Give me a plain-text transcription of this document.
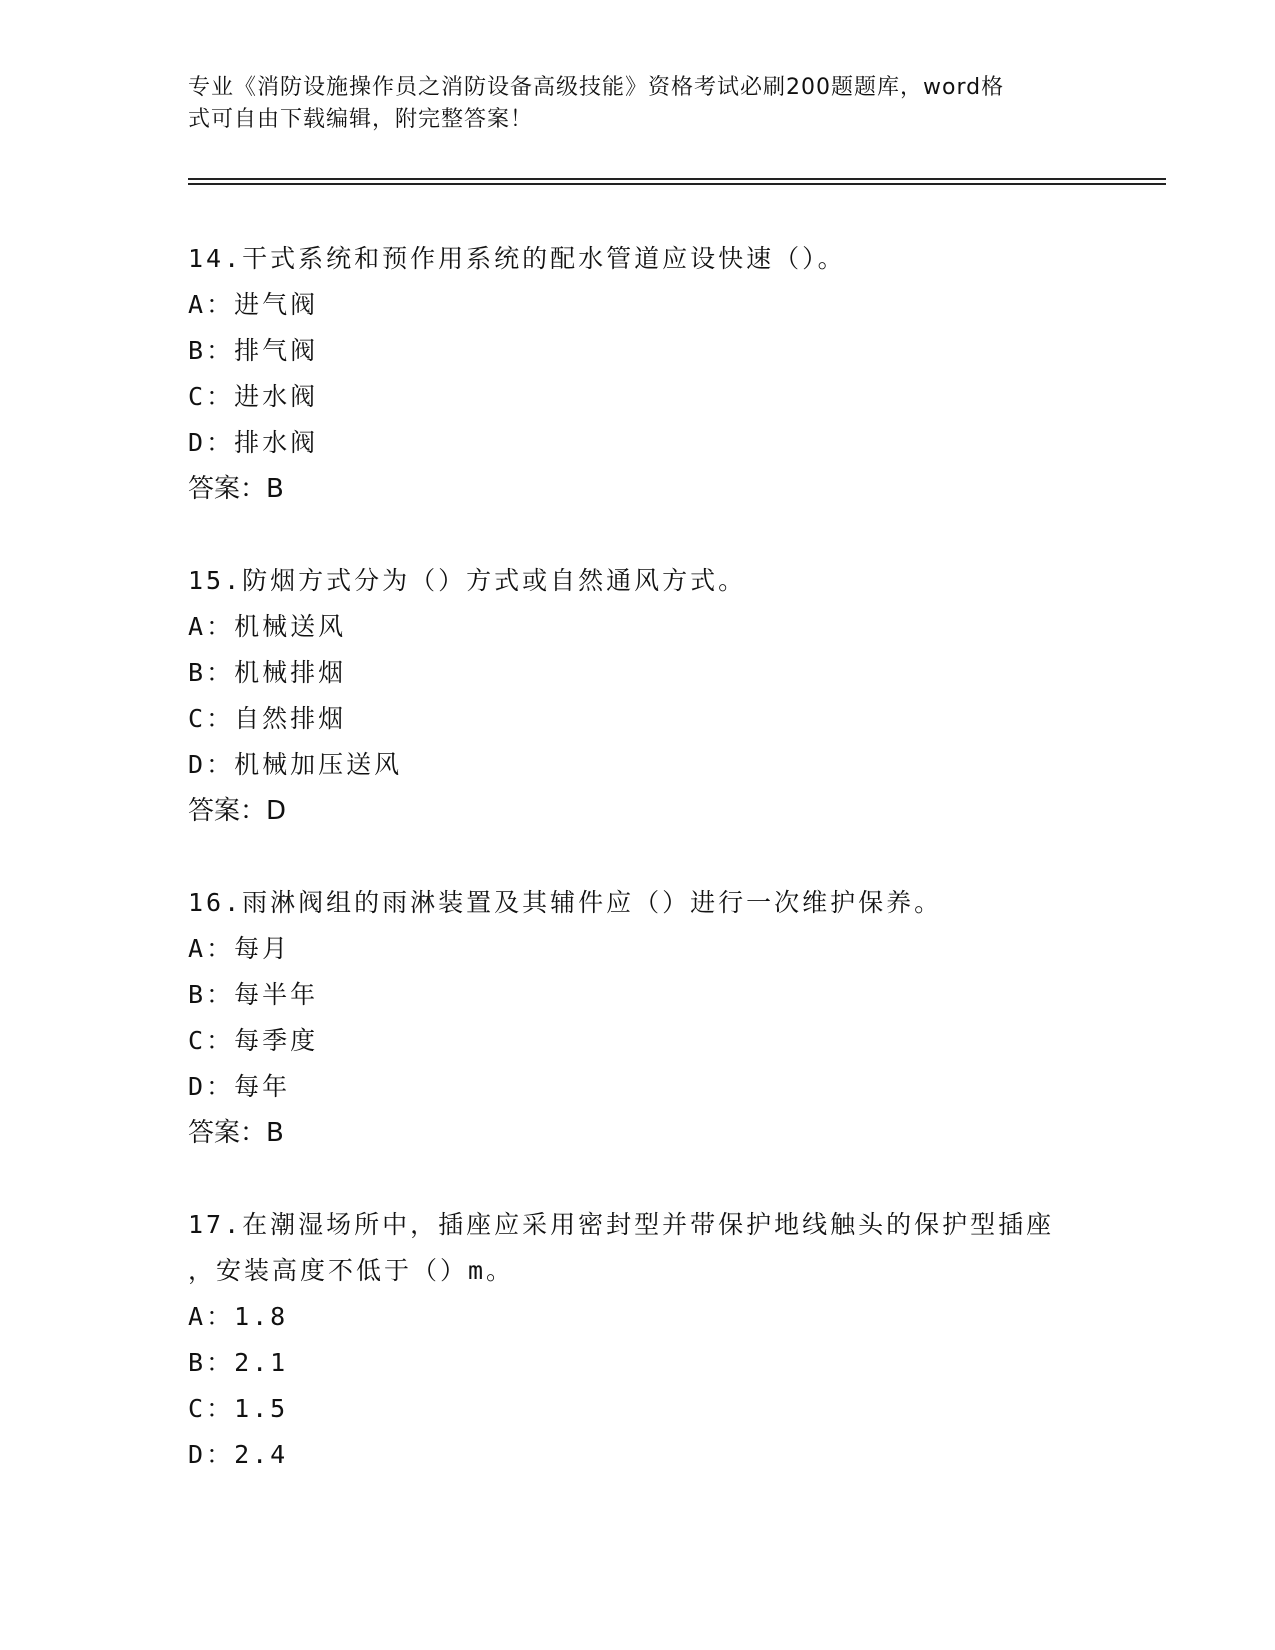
专业《消防设施操作员之消防设备高级技能》资格考试必刷200题题库，word格
式可自由下载编辑，附完整答案！
14.干式系统和预作用系统的配水管道应设快速（）。
A：进气阀
B：排气阀
C：进水阀
D：排水阀
答案：B
15.防烟方式分为（）方式或自然通风方式。
A：机械送风
B：机械排烟
C：自然排烟
D：机械加压送风
答案：D
16.雨淋阀组的雨淋装置及其辅件应（）进行一次维护保养。
A：每月
B：每半年
C：每季度
D：每年
答案：B
17.在潮湿场所中，插座应采用密封型并带保护地线触头的保护型插座
，安装高度不低于（）m。
A：1.8
B：2.1
C：1.5
D：2.4
